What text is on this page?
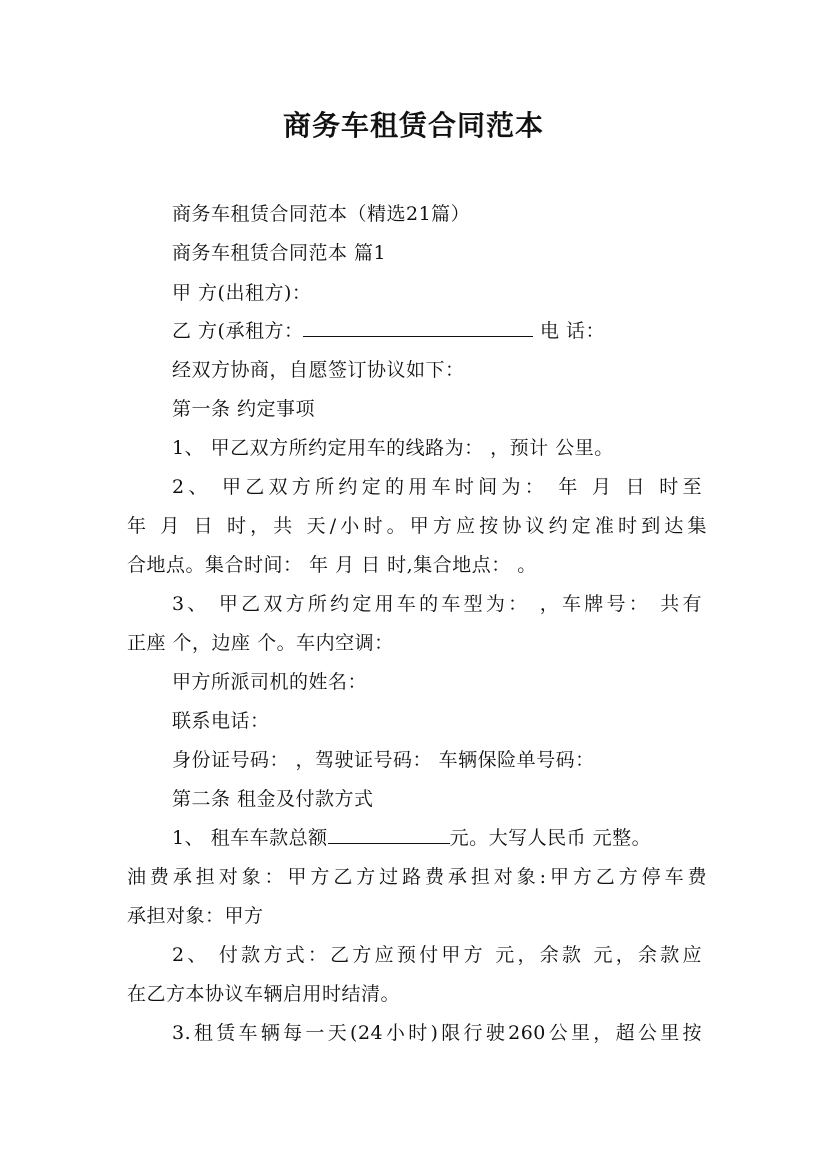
商务车租赁合同范本
商务车租赁合同范本（精选21篇）
商务车租赁合同范本 篇1
甲 方(出租方)：
乙 方(承租方：	电 话：
经双方协商，自愿签订协议如下：
第一条 约定事项
1、 甲乙双方所约定用车的线路为： ，预计 公里。
2、 甲乙双方所约定的用车时间为： 年 月 日 时至
年 月 日 时，共 天/小时。甲方应按协议约定准时到达集
合地点。集合时间： 年 月 日 时,集合地点： 。
3、 甲乙双方所约定用车的车型为： ，车牌号： 共有
正座 个，边座 个。车内空调：
甲方所派司机的姓名：
联系电话：
身份证号码： ，驾驶证号码： 车辆保险单号码：
第二条 租金及付款方式
1、 租车车款总额	元。大写人民币 元整。
油费承担对象：甲方乙方过路费承担对象:甲方乙方停车费
承担对象：甲方
2、 付款方式：乙方应预付甲方 元，余款 元，余款应
在乙方本协议车辆启用时结清。
3.租赁车辆每一天(24小时)限行驶260公里，超公里按
